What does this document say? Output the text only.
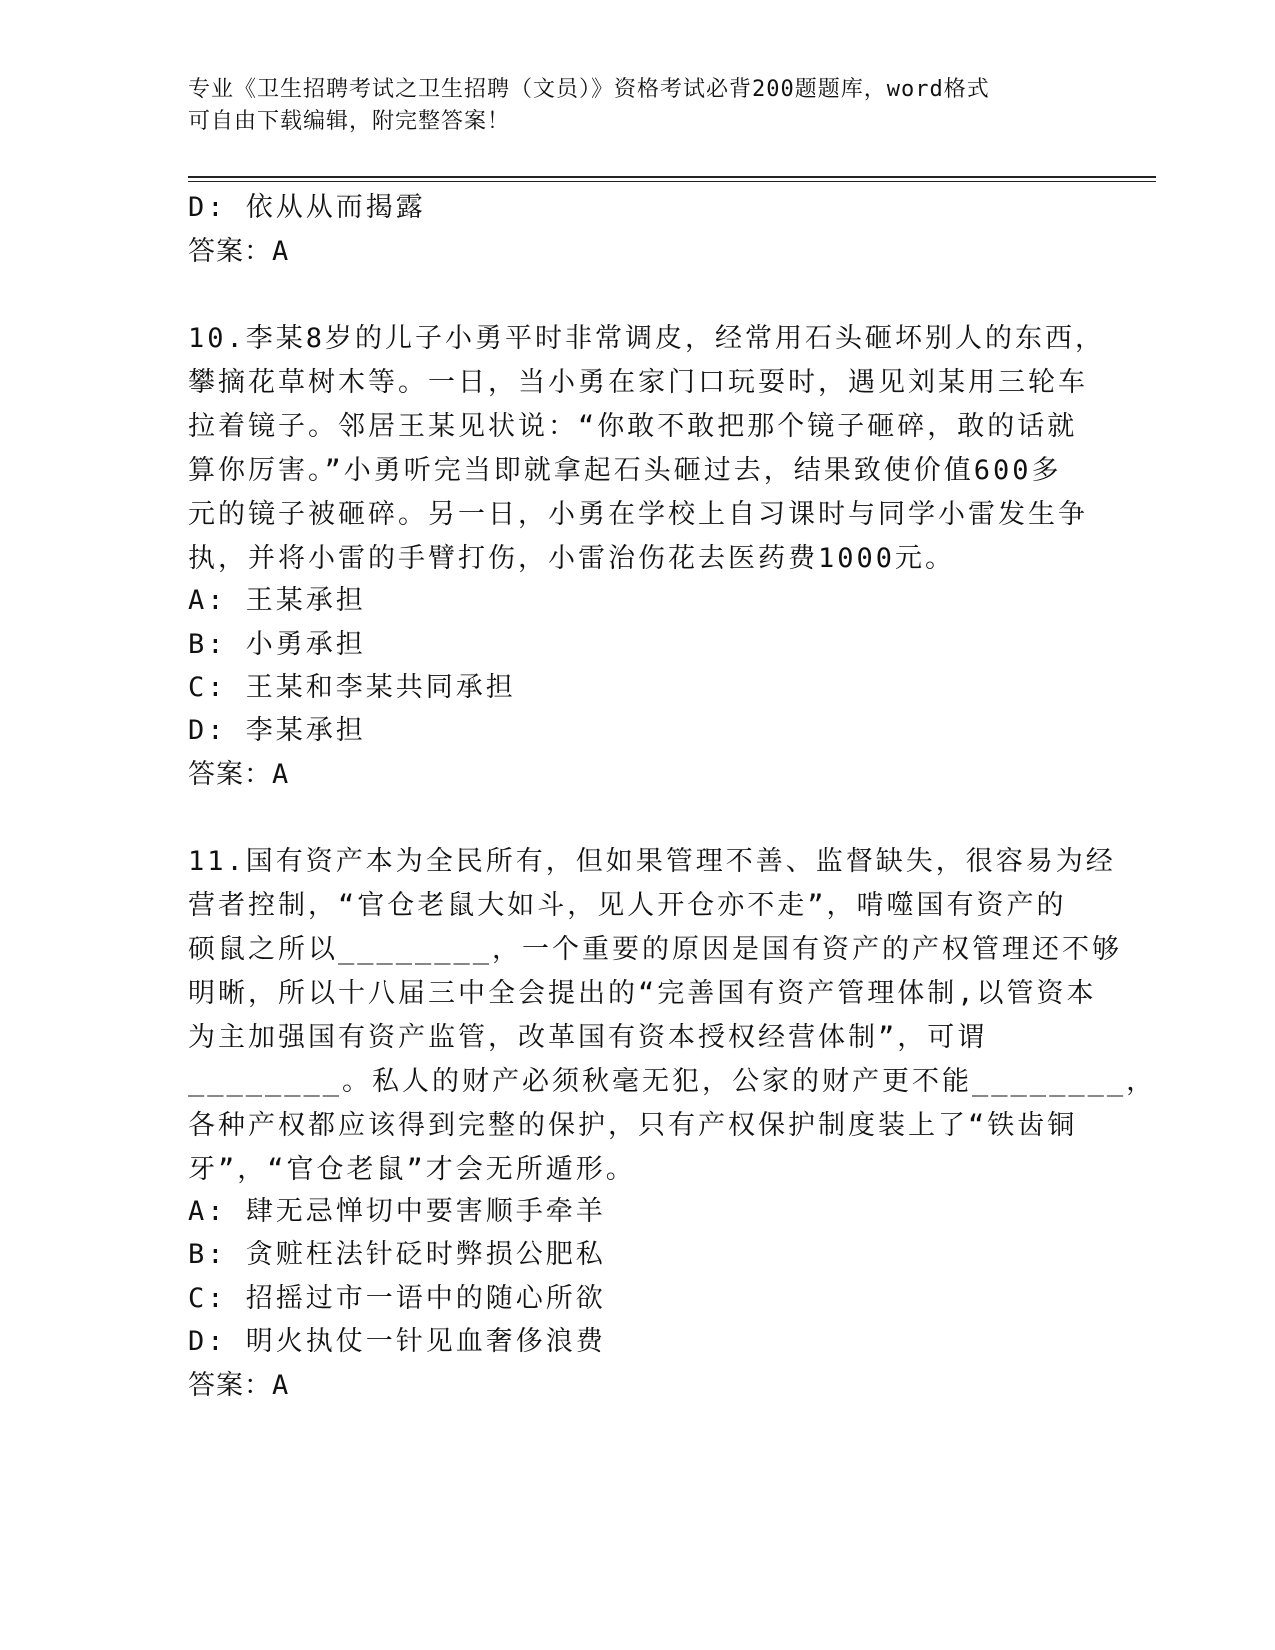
专业《卫生招聘考试之卫生招聘（文员）》资格考试必背200题题库，word格式
可自由下载编辑，附完整答案！
D: 依从从而揭露
答案：A
10.李某8岁的儿子小勇平时非常调皮，经常用石头砸坏别人的东西，
攀摘花草树木等。一日，当小勇在家门口玩耍时，遇见刘某用三轮车
拉着镜子。邻居王某见状说：“你敢不敢把那个镜子砸碎，敢的话就
算你厉害。”小勇听完当即就拿起石头砸过去，结果致使价值600多
元的镜子被砸碎。另一日，小勇在学校上自习课时与同学小雷发生争
执，并将小雷的手臂打伤，小雷治伤花去医药费1000元。
A: 王某承担
B: 小勇承担
C: 王某和李某共同承担
D: 李某承担
答案：A
11.国有资产本为全民所有，但如果管理不善、监督缺失，很容易为经
营者控制，“官仓老鼠大如斗，见人开仓亦不走”，啃噬国有资产的
硕鼠之所以________，一个重要的原因是国有资产的产权管理还不够
明晰，所以十八届三中全会提出的“完善国有资产管理体制,以管资本
为主加强国有资产监管，改革国有资本授权经营体制”，可谓
________。私人的财产必须秋毫无犯，公家的财产更不能________，
各种产权都应该得到完整的保护，只有产权保护制度装上了“铁齿铜
牙”，“官仓老鼠”才会无所遁形。
A: 肆无忌惮切中要害顺手牵羊
B: 贪赃枉法针砭时弊损公肥私
C: 招摇过市一语中的随心所欲
D: 明火执仗一针见血奢侈浪费
答案：A
